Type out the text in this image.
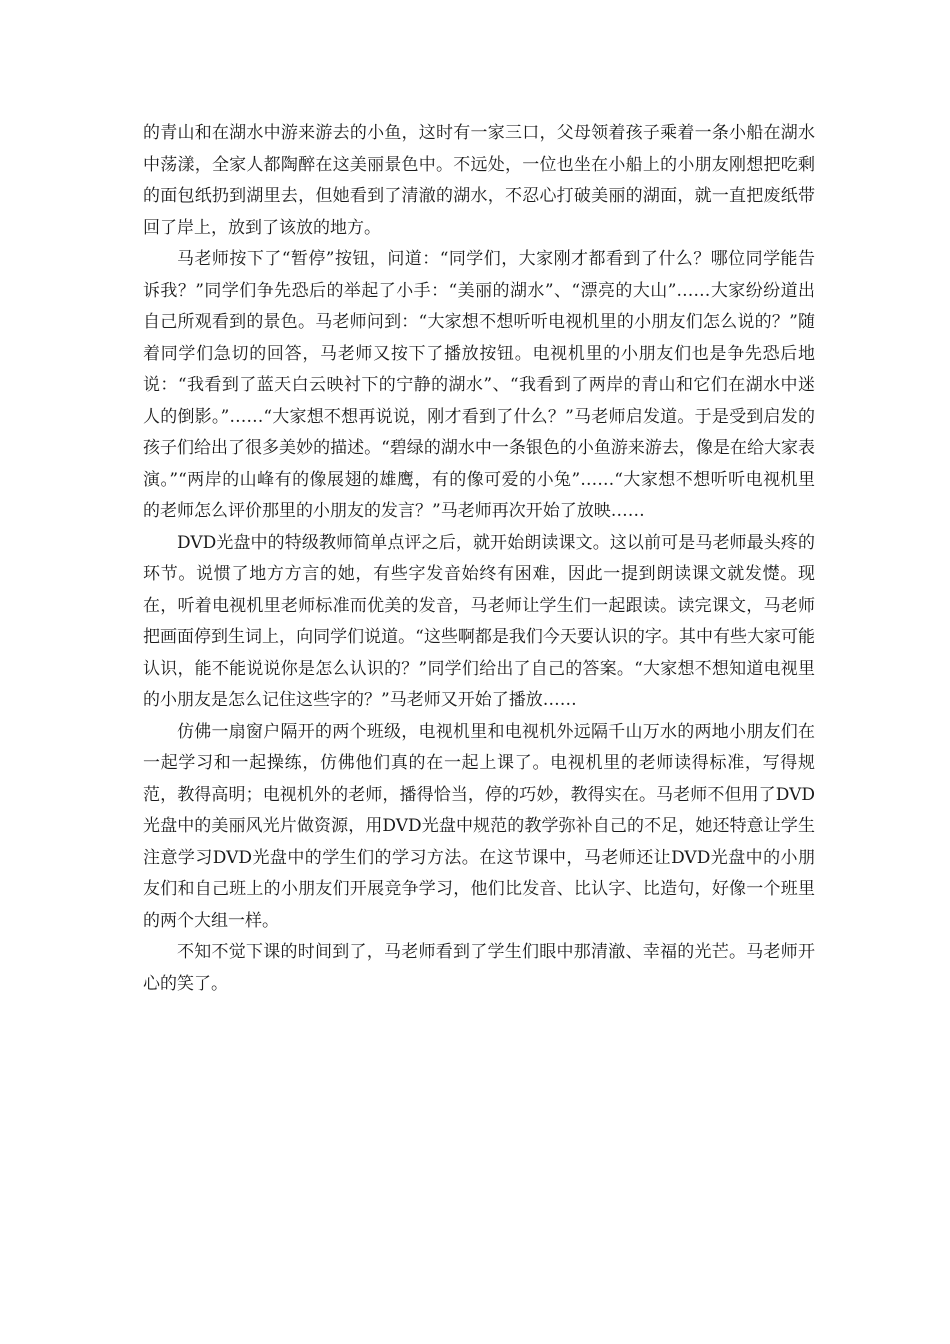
的青山和在湖水中游来游去的小鱼，这时有一家三口，父母领着孩子乘着一条小船在湖水中荡漾，全家人都陶醉在这美丽景色中。不远处，一位也坐在小船上的小朋友刚想把吃剩的面包纸扔到湖里去，但她看到了清澈的湖水，不忍心打破美丽的湖面，就一直把废纸带回了岸上，放到了该放的地方。

马老师按下了“暂停”按钮，问道：“同学们，大家刚才都看到了什么？哪位同学能告诉我？”同学们争先恐后的举起了小手：“美丽的湖水”、“漂亮的大山”……大家纷纷道出自己所观看到的景色。马老师问到：“大家想不想听听电视机里的小朋友们怎么说的？”随着同学们急切的回答，马老师又按下了播放按钮。电视机里的小朋友们也是争先恐后地说：“我看到了蓝天白云映衬下的宁静的湖水”、“我看到了两岸的青山和它们在湖水中迷人的倒影。”……“大家想不想再说说，刚才看到了什么？”马老师启发道。于是受到启发的孩子们给出了很多美妙的描述。“碧绿的湖水中一条银色的小鱼游来游去，像是在给大家表演。”“两岸的山峰有的像展翅的雄鹰，有的像可爱的小兔”……“大家想不想听听电视机里的老师怎么评价那里的小朋友的发言？”马老师再次开始了放映……

DVD光盘中的特级教师简单点评之后，就开始朗读课文。这以前可是马老师最头疼的环节。说惯了地方方言的她，有些字发音始终有困难，因此一提到朗读课文就发憷。现在，听着电视机里老师标准而优美的发音，马老师让学生们一起跟读。读完课文，马老师把画面停到生词上，向同学们说道。“这些啊都是我们今天要认识的字。其中有些大家可能认识，能不能说说你是怎么认识的？”同学们给出了自己的答案。“大家想不想知道电视里的小朋友是怎么记住这些字的？”马老师又开始了播放……

仿佛一扇窗户隔开的两个班级，电视机里和电视机外远隔千山万水的两地小朋友们在一起学习和一起操练，仿佛他们真的在一起上课了。电视机里的老师读得标准，写得规范，教得高明；电视机外的老师，播得恰当，停的巧妙，教得实在。马老师不但用了DVD光盘中的美丽风光片做资源，用DVD光盘中规范的教学弥补自己的不足，她还特意让学生注意学习DVD光盘中的学生们的学习方法。在这节课中，马老师还让DVD光盘中的小朋友们和自己班上的小朋友们开展竞争学习，他们比发音、比认字、比造句，好像一个班里的两个大组一样。

不知不觉下课的时间到了，马老师看到了学生们眼中那清澈、幸福的光芒。马老师开心的笑了。
